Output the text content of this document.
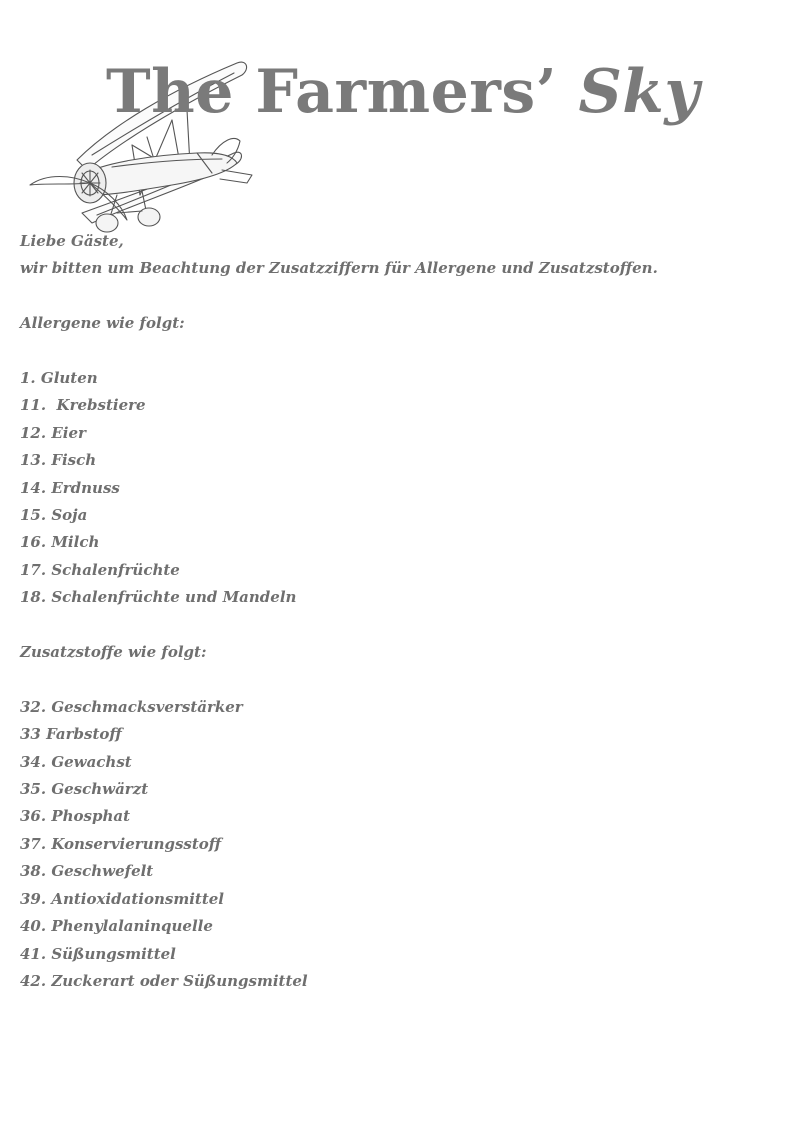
The Farmers’ Sky

Liebe Gäste,

wir bitten um Beachtung der Zusatzziffern für Allergene und Zusatzstoffen.

Allergene wie folgt:

1. Gluten
11.  Krebstiere
12. Eier
13. Fisch
14. Erdnuss
15. Soja
16. Milch
17. Schalenfrüchte
18. Schalenfrüchte und Mandeln

Zusatzstoffe wie folgt:

32. Geschmacksverstärker
33 Farbstoff
34. Gewachst
35. Geschwärzt
36. Phosphat
37. Konservierungsstoff
38. Geschwefelt
39. Antioxidationsmittel
40. Phenylalaninquelle
41. Süßungsmittel
42. Zuckerart oder Süßungsmittel
